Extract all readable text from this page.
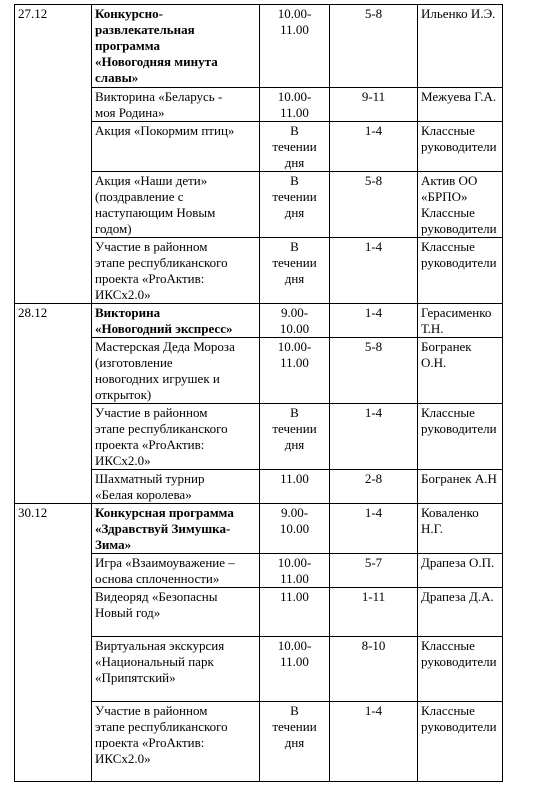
27.12	Конкурсно-
развлекательная
программа
«Новогодняя минута
славы»	10.00-
11.00	5-8	Ильенко И.Э.
	Викторина «Беларусь -
моя Родина»	10.00-
11.00	9-11	Межуева Г.А.
	Акция «Покормим птиц»	В
течении
дня	1-4	Классные
руководители
	Акция «Наши дети»
(поздравление с
наступающим Новым
годом)	В
течении
дня	5-8	Актив ОО
«БРПО»
Классные
руководители
	Участие в районном
этапе республиканского
проекта «ProАктив:
ИКСх2.0»	В
течении
дня	1-4	Классные
руководители
28.12	Викторина
«Новогодний экспресс»	9.00-
10.00	1-4	Герасименко
Т.Н.
	Мастерская Деда Мороза
(изготовление
новогодних игрушек и
открыток)	10.00-
11.00	5-8	Богранек О.Н.
	Участие в районном
этапе республиканского
проекта «ProАктив:
ИКСх2.0»	В
течении
дня	1-4	Классные
руководители
	Шахматный турнир
«Белая королева»	11.00	2-8	Богранек А.Н
30.12	Конкурсная программа
«Здравствуй Зимушка-
Зима»	9.00-
10.00	1-4	Коваленко Н.Г.
	Игра «Взаимоуважение –
основа сплоченности»	10.00-
11.00	5-7	Драпеза О.П.
	Видеоряд «Безопасны
Новый год»	11.00	1-11	Драпеза Д.А.
	Виртуальная экскурсия
«Национальный парк
«Припятский»	10.00-
11.00	8-10	Классные
руководители
	Участие в районном
этапе республиканского
проекта «ProАктив:
ИКСх2.0»	В
течении
дня	1-4	Классные
руководители
